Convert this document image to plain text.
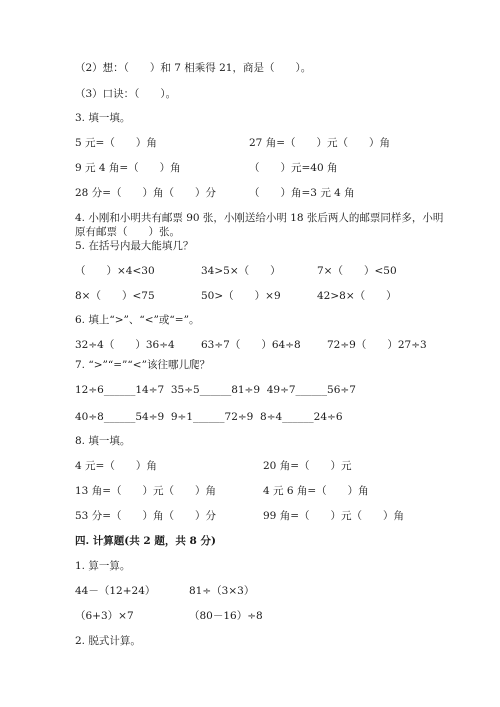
（2）想：（　　）和 7 相乘得 21，商是（　　）。
（3）口诀：（　　）。
3. 填一填。
5 元=（　　）角	27 角=（　　）元（　　）角
9 元 4 角=（　　）角	（　　）元=40 角
28 分=（　　）角（　　）分	（　　）角=3 元 4 角
4. 小刚和小明共有邮票 90 张，小刚送给小明 18 张后两人的邮票同样多，小明
原有邮票（　　）张。
5. 在括号内最大能填几？
（　　）×4<30	34>5×（　　）	7×（　　）<50
8×（　　）<75	50>（　　）×9	42>8×（　　）
6. 填上“>”、“<”或“=”。
32÷4（　　）36÷4	63÷7（　　）64÷8	72÷9（　　）27÷3
7. “>”“=”“<”该往哪儿爬？
12÷6______14÷7  35÷5______81÷9  49÷7______56÷7
40÷8______54÷9  9÷1______72÷9  8÷4______24÷6
8. 填一填。
4 元=（　　）角	20 角=（　　）元
13 角=（　　）元（　　）角	4 元 6 角=（　　）角
53 分=（　　）角（　　）分	99 角=（　　）元（　　）角
四. 计算题(共 2 题，共 8 分)
1. 算一算。
44－（12+24）	81÷（3×3）
（6+3）×7	（80－16）÷8
2. 脱式计算。
